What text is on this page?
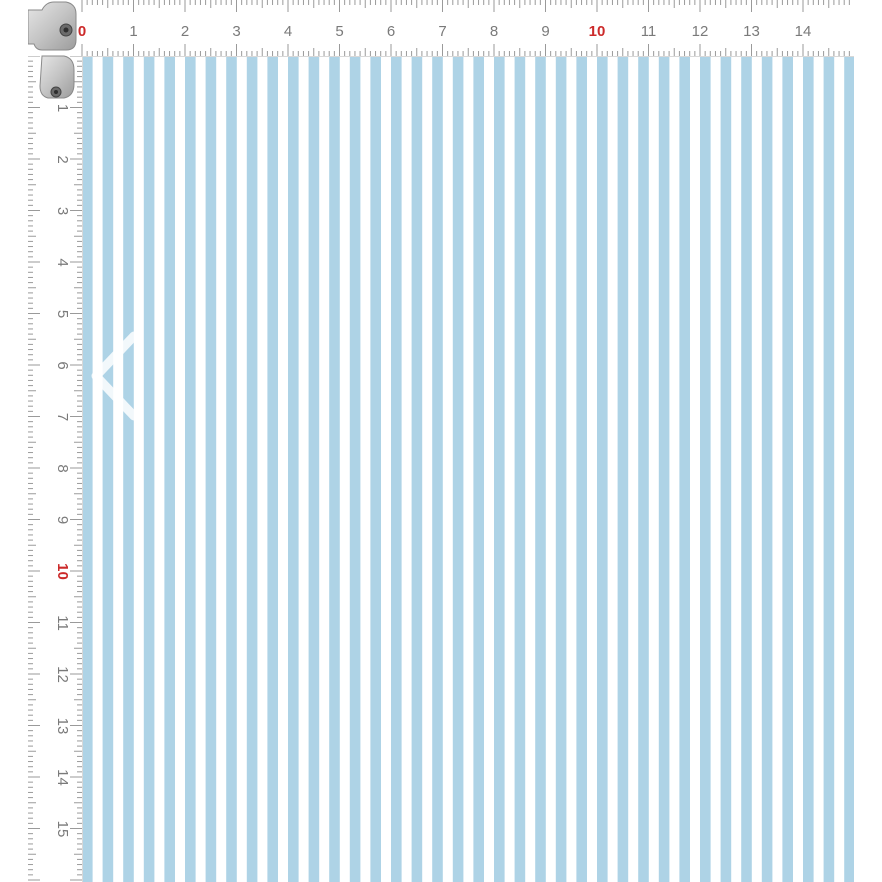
0	1	2	3	4	5	6	7	8	9	10 11 12 13 14
1
2
3
4
5
6
7
8
9
10
11
12
13
14
15
